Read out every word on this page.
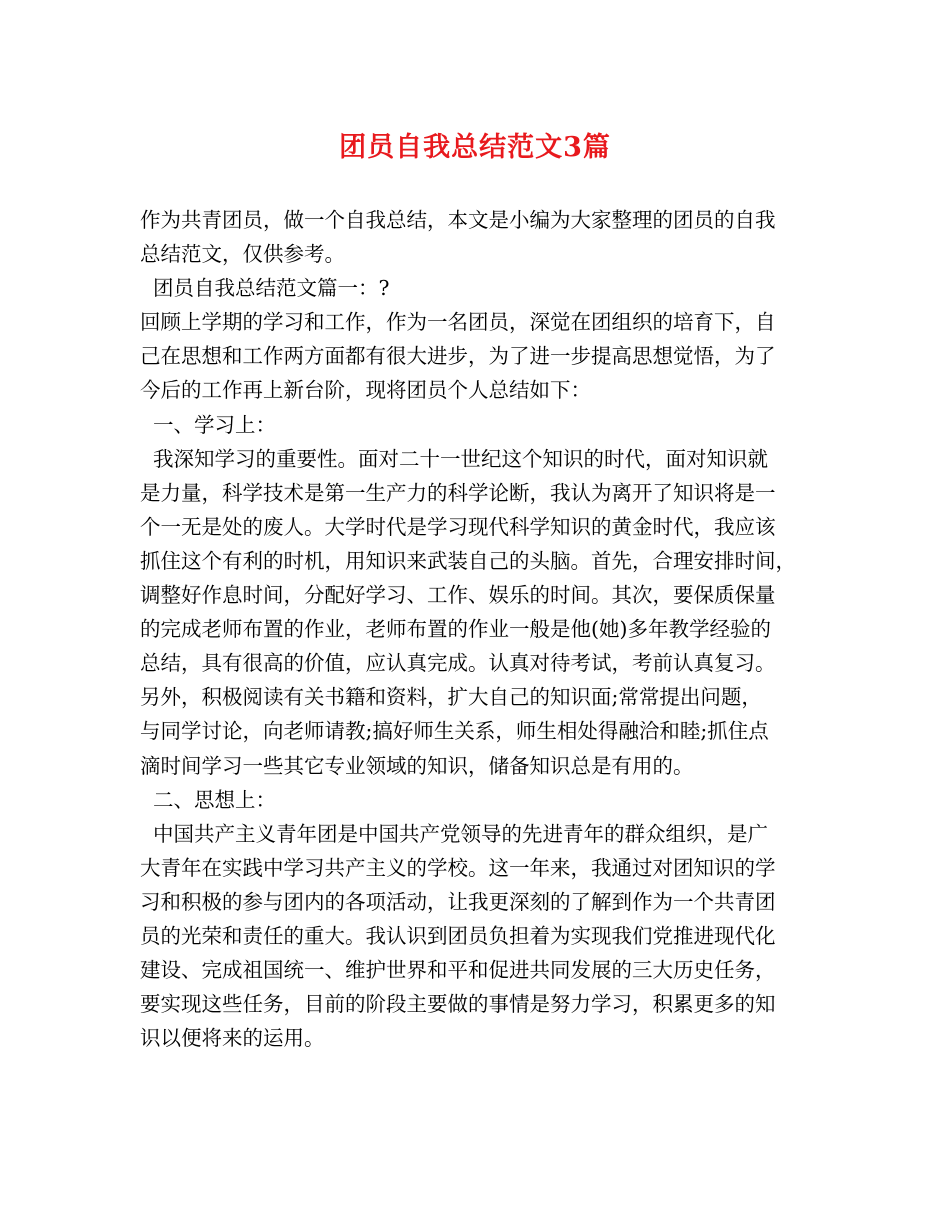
团员自我总结范文3篇
作为共青团员，做一个自我总结，本文是小编为大家整理的团员的自我
总结范文，仅供参考。
团员自我总结范文篇一：?
回顾上学期的学习和工作，作为一名团员，深觉在团组织的培育下，自
己在思想和工作两方面都有很大进步，为了进一步提高思想觉悟，为了
今后的工作再上新台阶，现将团员个人总结如下：
一、学习上：
我深知学习的重要性。面对二十一世纪这个知识的时代，面对知识就
是力量，科学技术是第一生产力的科学论断，我认为离开了知识将是一
个一无是处的废人。大学时代是学习现代科学知识的黄金时代，我应该
抓住这个有利的时机，用知识来武装自己的头脑。首先，合理安排时间，
调整好作息时间，分配好学习、工作、娱乐的时间。其次，要保质保量
的完成老师布置的作业，老师布置的作业一般是他(她)多年教学经验的
总结，具有很高的价值，应认真完成。认真对待考试，考前认真复习。
另外，积极阅读有关书籍和资料，扩大自己的知识面;常常提出问题，
与同学讨论，向老师请教;搞好师生关系，师生相处得融洽和睦;抓住点
滴时间学习一些其它专业领域的知识，储备知识总是有用的。
二、思想上：
中国共产主义青年团是中国共产党领导的先进青年的群众组织，是广
大青年在实践中学习共产主义的学校。这一年来，我通过对团知识的学
习和积极的参与团内的各项活动，让我更深刻的了解到作为一个共青团
员的光荣和责任的重大。我认识到团员负担着为实现我们党推进现代化
建设、完成祖国统一、维护世界和平和促进共同发展的三大历史任务，
要实现这些任务，目前的阶段主要做的事情是努力学习，积累更多的知
识以便将来的运用。
